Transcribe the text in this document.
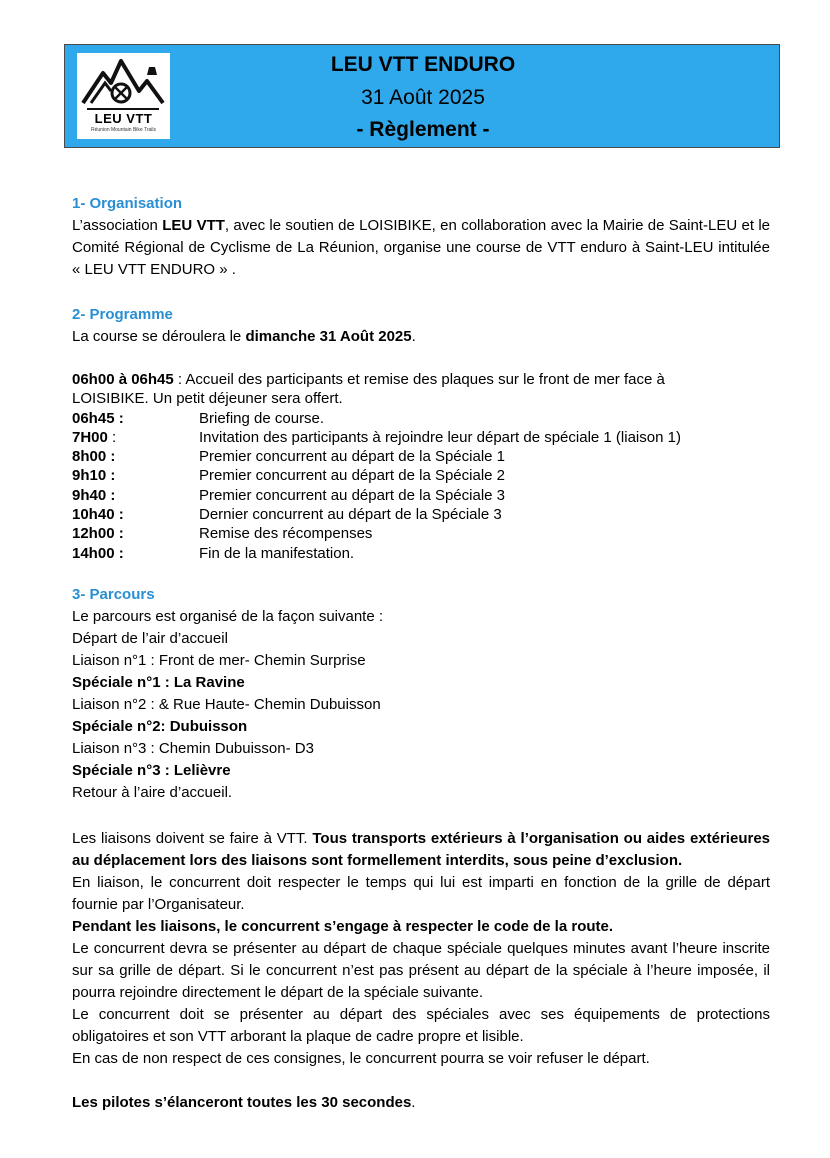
LEU VTT
Réunion Mountain Bike Trails
LEU VTT ENDURO
31 Août 2025
- Règlement -
1- Organisation
L’association LEU VTT, avec le soutien de LOISIBIKE, en collaboration avec la Mairie de Saint-LEU et le Comité Régional de Cyclisme de La Réunion, organise une course de VTT enduro à Saint-LEU intitulée « LEU VTT ENDURO » .
2- Programme
La course se déroulera le dimanche 31 Août 2025.
06h00 à 06h45 : Accueil des participants et remise des plaques sur le front de mer face à
LOISIBIKE. Un petit déjeuner sera offert.
06h45 :	Briefing de course.
7H00 :	Invitation des participants à rejoindre leur départ de spéciale 1 (liaison 1)
8h00 :	Premier concurrent au départ de la Spéciale 1
9h10 :	Premier concurrent au départ de la Spéciale 2
9h40 :	Premier concurrent au départ de la Spéciale 3
10h40 :	Dernier concurrent au départ de la Spéciale 3
12h00 :	Remise des récompenses
14h00 :	Fin de la manifestation.
3- Parcours
Le parcours est organisé de la façon suivante :
Départ de l’air d’accueil
Liaison n°1 : Front de mer- Chemin Surprise
Spéciale n°1 : La Ravine
Liaison n°2 : & Rue Haute- Chemin Dubuisson
Spéciale n°2: Dubuisson
Liaison n°3 : Chemin Dubuisson- D3
Spéciale n°3 : Lelièvre
Retour à l’aire d’accueil.
Les liaisons doivent se faire à VTT. Tous transports extérieurs à l’organisation ou aides extérieures au déplacement lors des liaisons sont formellement interdits, sous peine d’exclusion.
En liaison, le concurrent doit respecter le temps qui lui est imparti en fonction de la grille de départ fournie par l’Organisateur.
Pendant les liaisons, le concurrent s’engage à respecter le code de la route.
Le concurrent devra se présenter au départ de chaque spéciale quelques minutes avant l’heure inscrite sur sa grille de départ. Si le concurrent n’est pas présent au départ de la spéciale à l’heure imposée, il pourra rejoindre directement le départ de la spéciale suivante.
Le concurrent doit se présenter au départ des spéciales avec ses équipements de protections obligatoires et son VTT arborant la plaque de cadre propre et lisible.
En cas de non respect de ces consignes, le concurrent pourra se voir refuser le départ.
Les pilotes s’élanceront toutes les 30 secondes.
